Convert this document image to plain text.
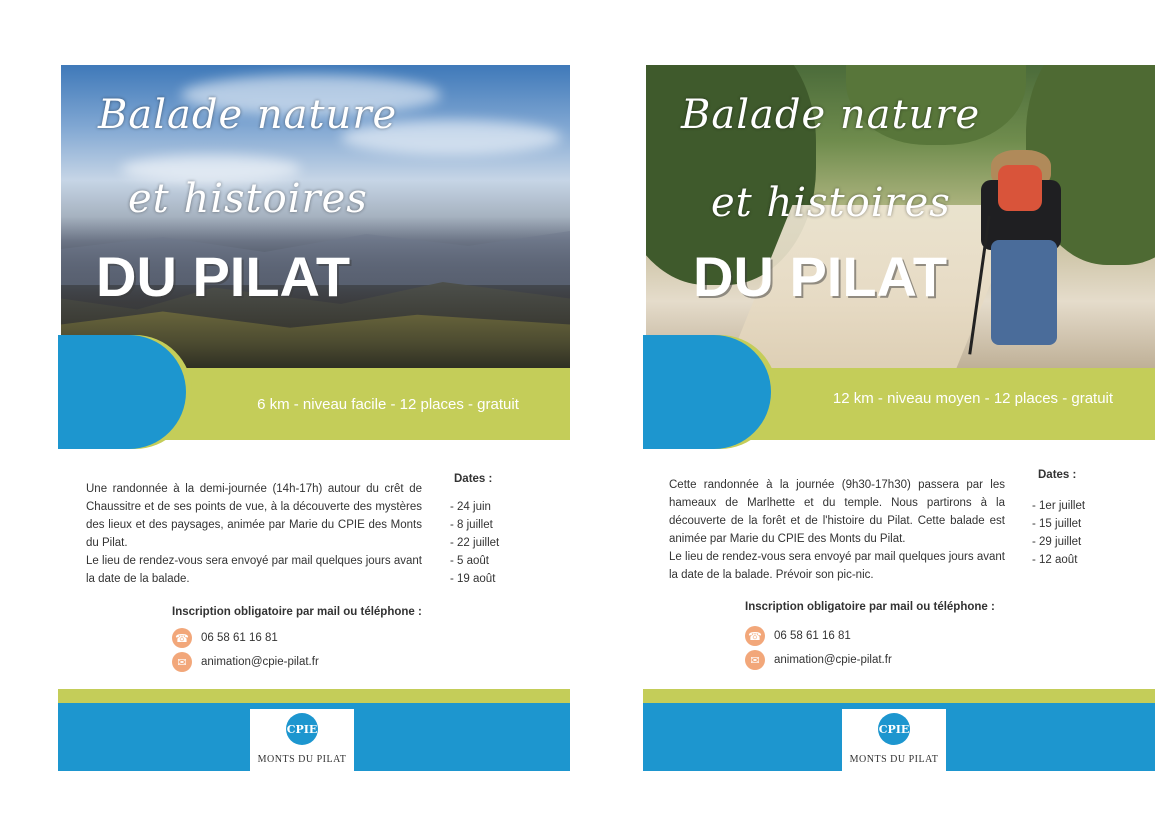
Balade nature
et histoires
DU PILAT
6 km - niveau facile - 12 places - gratuit
Une randonnée à la demi-journée (14h-17h) autour du crêt de Chaussitre et de ses points de vue, à la découverte des mystères des lieux et des paysages, animée par Marie du CPIE des Monts du Pilat.
Le lieu de rendez-vous sera envoyé par mail quelques jours avant la date de la balade.
Dates :
- 24 juin
- 8 juillet
- 22 juillet
- 5 août
- 19 août
Inscription obligatoire par mail ou téléphone :
☎ 06 58 61 16 81
✉	animation@cpie-pilat.fr
CPIE
MONTS DU PILAT
Balade nature
et histoires
DU PILAT
12 km - niveau moyen - 12 places - gratuit
Cette randonnée à la journée (9h30-17h30) passera par les hameaux de Marlhette et du temple. Nous partirons à la découverte de la forêt et de l'histoire du Pilat. Cette balade est animée par Marie du CPIE des Monts du Pilat.
Le lieu de rendez-vous sera envoyé par mail quelques jours avant la date de la balade. Prévoir son pic-nic.
Dates :
- 1er juillet
- 15 juillet
- 29 juillet
- 12 août
Inscription obligatoire par mail ou téléphone :
☎ 06 58 61 16 81
✉	animation@cpie-pilat.fr
CPIE
MONTS DU PILAT
